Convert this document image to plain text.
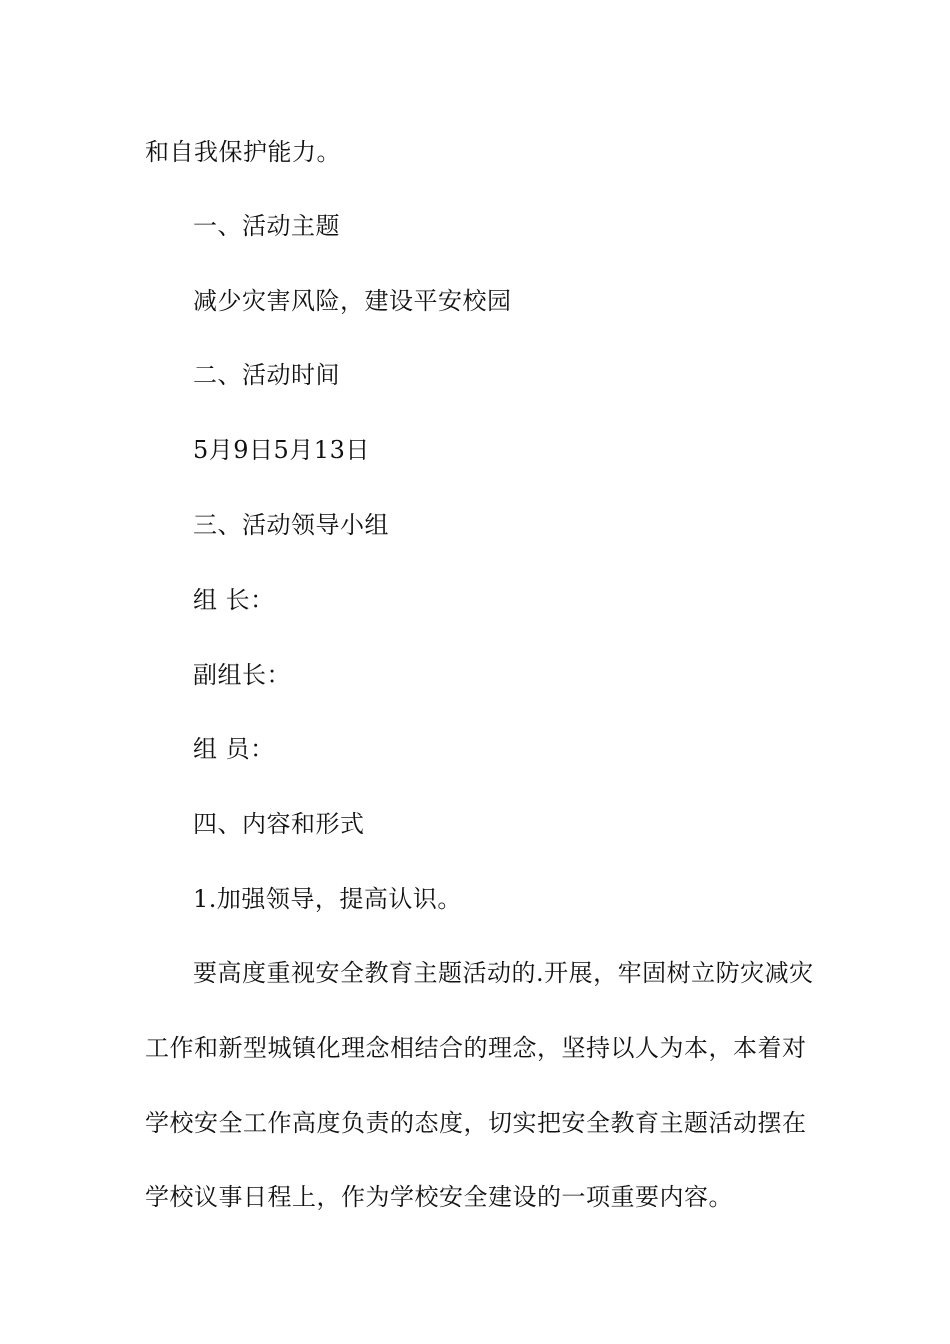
和自我保护能力。
一、活动主题
减少灾害风险，建设平安校园
二、活动时间
5月9日5月13日
三、活动领导小组
组 长：
副组长：
组 员：
四、内容和形式
1.加强领导，提高认识。
要高度重视安全教育主题活动的.开展，牢固树立防灾减灾
工作和新型城镇化理念相结合的理念，坚持以人为本，本着对
学校安全工作高度负责的态度，切实把安全教育主题活动摆在
学校议事日程上，作为学校安全建设的一项重要内容。
